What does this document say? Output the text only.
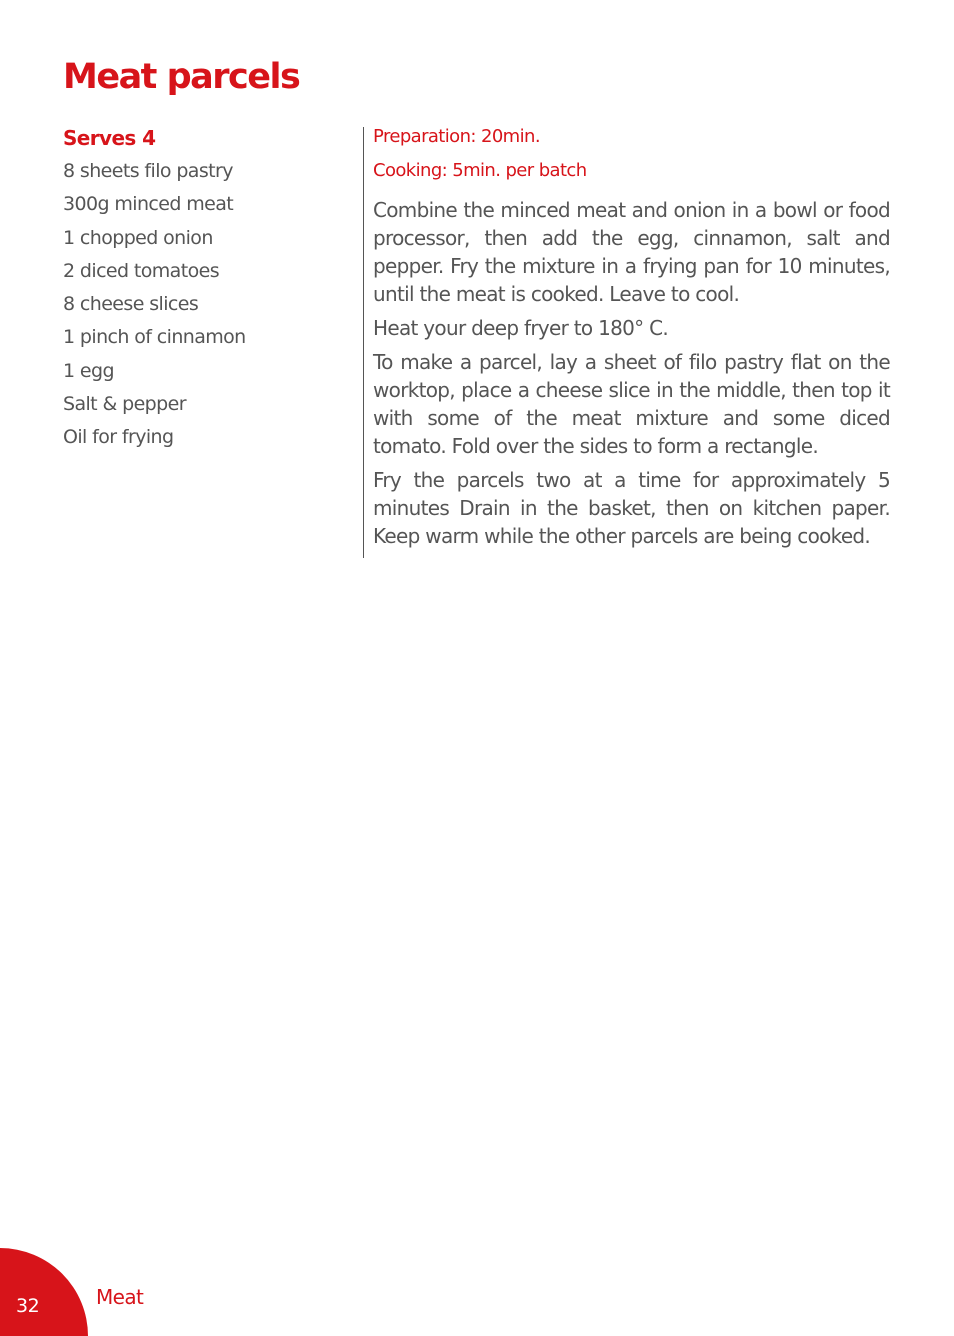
Meat parcels
Serves 4
8 sheets filo pastry
300g minced meat
1 chopped onion
2 diced tomatoes
8 cheese slices
1 pinch of cinnamon
1 egg
Salt & pepper
Oil for frying
Preparation: 20min.
Cooking: 5min. per batch

Combine the minced meat and onion in a bowl or food processor, then add the egg, cinnamon, salt and pepper. Fry the mixture in a frying pan for 10 minutes, until the meat is cooked. Leave to cool.

Heat your deep fryer to 180° C.

To make a parcel, lay a sheet of filo pastry flat on the worktop, place a cheese slice in the middle, then top it with some of the meat mixture and some diced tomato. Fold over the sides to form a rectangle.

Fry the parcels two at a time for approximately 5 minutes Drain in the basket, then on kitchen paper. Keep warm while the other parcels are being cooked.

32	Meat
